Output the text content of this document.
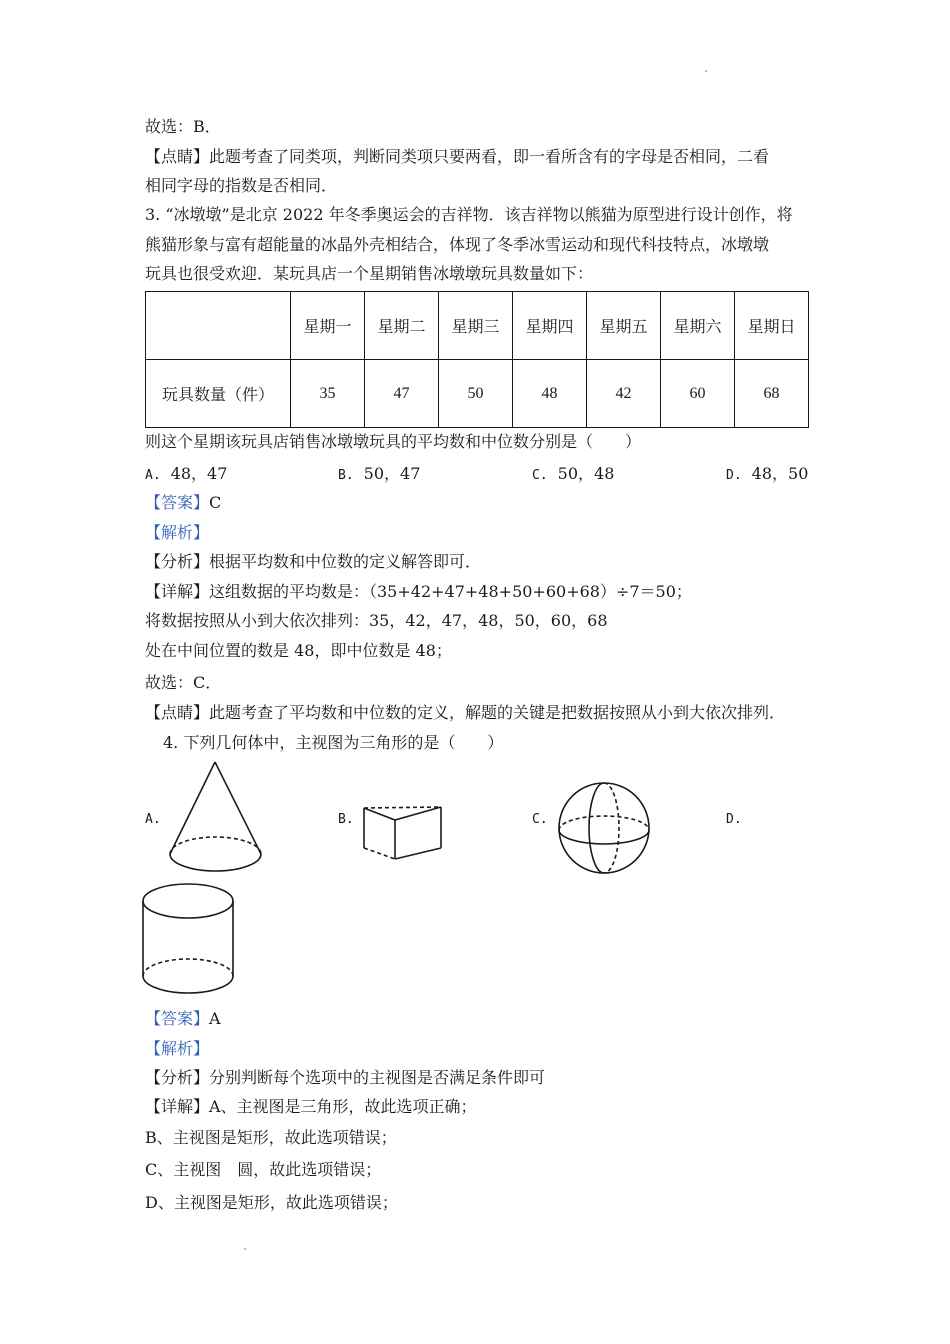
故选：B．
【点睛】此题考查了同类项，判断同类项只要两看，即一看所含有的字母是否相同，二看
相同字母的指数是否相同．
3. “冰墩墩”是北京 2022 年冬季奥运会的吉祥物．该吉祥物以熊猫为原型进行设计创作，将
熊猫形象与富有超能量的冰晶外壳相结合，体现了冬季冰雪运动和现代科技特点，冰墩墩
玩具也很受欢迎．某玩具店一个星期销售冰墩墩玩具数量如下：
	星期一	星期二	星期三	星期四	星期五	星期六	星期日
玩具数量（件）	35	47	50	48	42	60	68
则这个星期该玩具店销售冰墩墩玩具的平均数和中位数分别是（　　）
A. 48，47	B. 50，47	C. 50，48	D. 48，50
【答案】C
【解析】
【分析】根据平均数和中位数的定义解答即可．
【详解】这组数据的平均数是：（35+42+47+48+50+60+68）÷7＝50；
将数据按照从小到大依次排列：35，42，47，48，50，60，68
处在中间位置的数是 48，即中位数是 48；
故选：C．
【点睛】此题考查了平均数和中位数的定义，解题的关键是把数据按照从小到大依次排列．
4. 下列几何体中，主视图为三角形的是（　　）
A.	B.	C.	D.
【答案】A
【解析】
【分析】分别判断每个选项中的主视图是否满足条件即可
【详解】A、主视图是三角形，故此选项正确；
B、主视图是矩形，故此选项错误；
C、主视图　圆，故此选项错误；
D、主视图是矩形，故此选项错误；
